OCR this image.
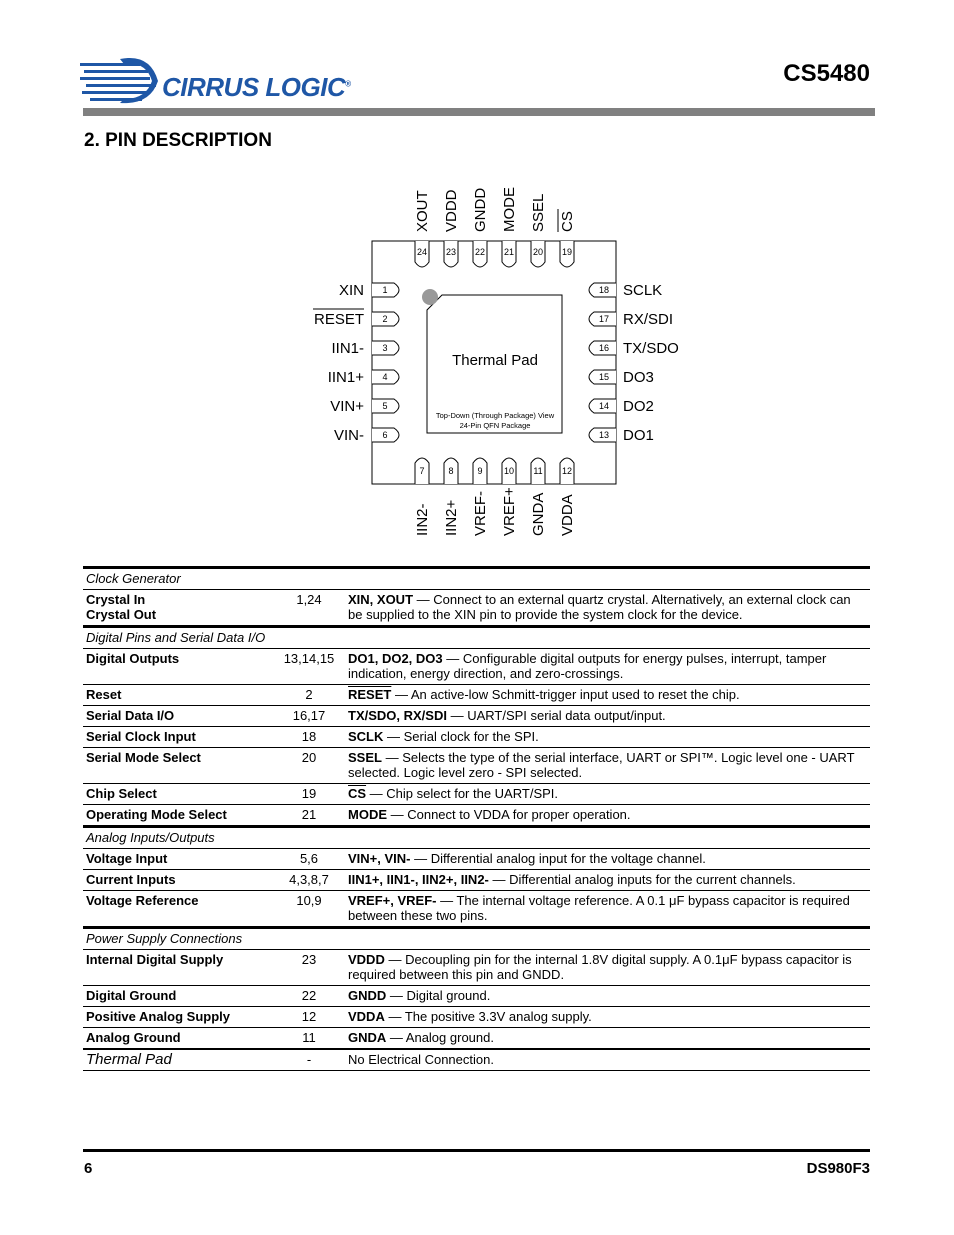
CIRRUS LOGIC®	CS5480
2. PIN DESCRIPTION
Thermal Pad
Top-Down (Through Package) View
24-Pin QFN Package
24
XOUT
23
VDDD
22
GNDD
21
MODE
20
SSEL
19
CS
1
XIN
2
RESET
3
IIN1-
4
IIN1+
5
VIN+
6
VIN-
18 SCLK
17 RX/SDI
16 TX/SDO
15 DO3
14 DO2
13 DO1
7
IIN2-
8
IIN2+
9
VREF-
10
VREF+
11
GNDA
12
VDDA
Clock Generator		
Crystal In
Crystal Out	1,24	XIN, XOUT — Connect to an external quartz crystal. Alternatively, an external clock can be supplied to the XIN pin to provide the system clock for the device.
Digital Pins and Serial Data I/O		
Digital Outputs	13,14,15	DO1, DO2, DO3 — Configurable digital outputs for energy pulses, interrupt, tamper indication, energy direction, and zero-crossings.
Reset	2	RESET — An active-low Schmitt-trigger input used to reset the chip.
Serial Data I/O	16,17	TX/SDO, RX/SDI — UART/SPI serial data output/input.
Serial Clock Input	18	SCLK — Serial clock for the SPI.
Serial Mode Select	20	SSEL — Selects the type of the serial interface, UART or SPI™. Logic level one - UART selected. Logic level zero - SPI selected.
Chip Select	19	$\overline{CS}$ — Chip select for the UART/SPI.
Operating Mode Select	21	MODE — Connect to VDDA for proper operation.
Analog Inputs/Outputs		
Voltage Input	5,6	VIN+, VIN- — Differential analog input for the voltage channel.
Current Inputs	4,3,8,7	IIN1+, IIN1-, IIN2+, IIN2- — Differential analog inputs for the current channels.
Voltage Reference	10,9	VREF+, VREF- — The internal voltage reference. A 0.1 μF bypass capacitor is required between these two pins.
Power Supply Connections		
Internal Digital Supply	23	VDDD — Decoupling pin for the internal 1.8V digital supply. A 0.1μF bypass capacitor is required between this pin and GNDD.
Digital Ground	22	GNDD — Digital ground.
Positive Analog Supply	12	VDDA — The positive 3.3V analog supply.
Analog Ground	11	GNDA — Analog ground.
Thermal Pad	-	No Electrical Connection.
6	DS980F3
